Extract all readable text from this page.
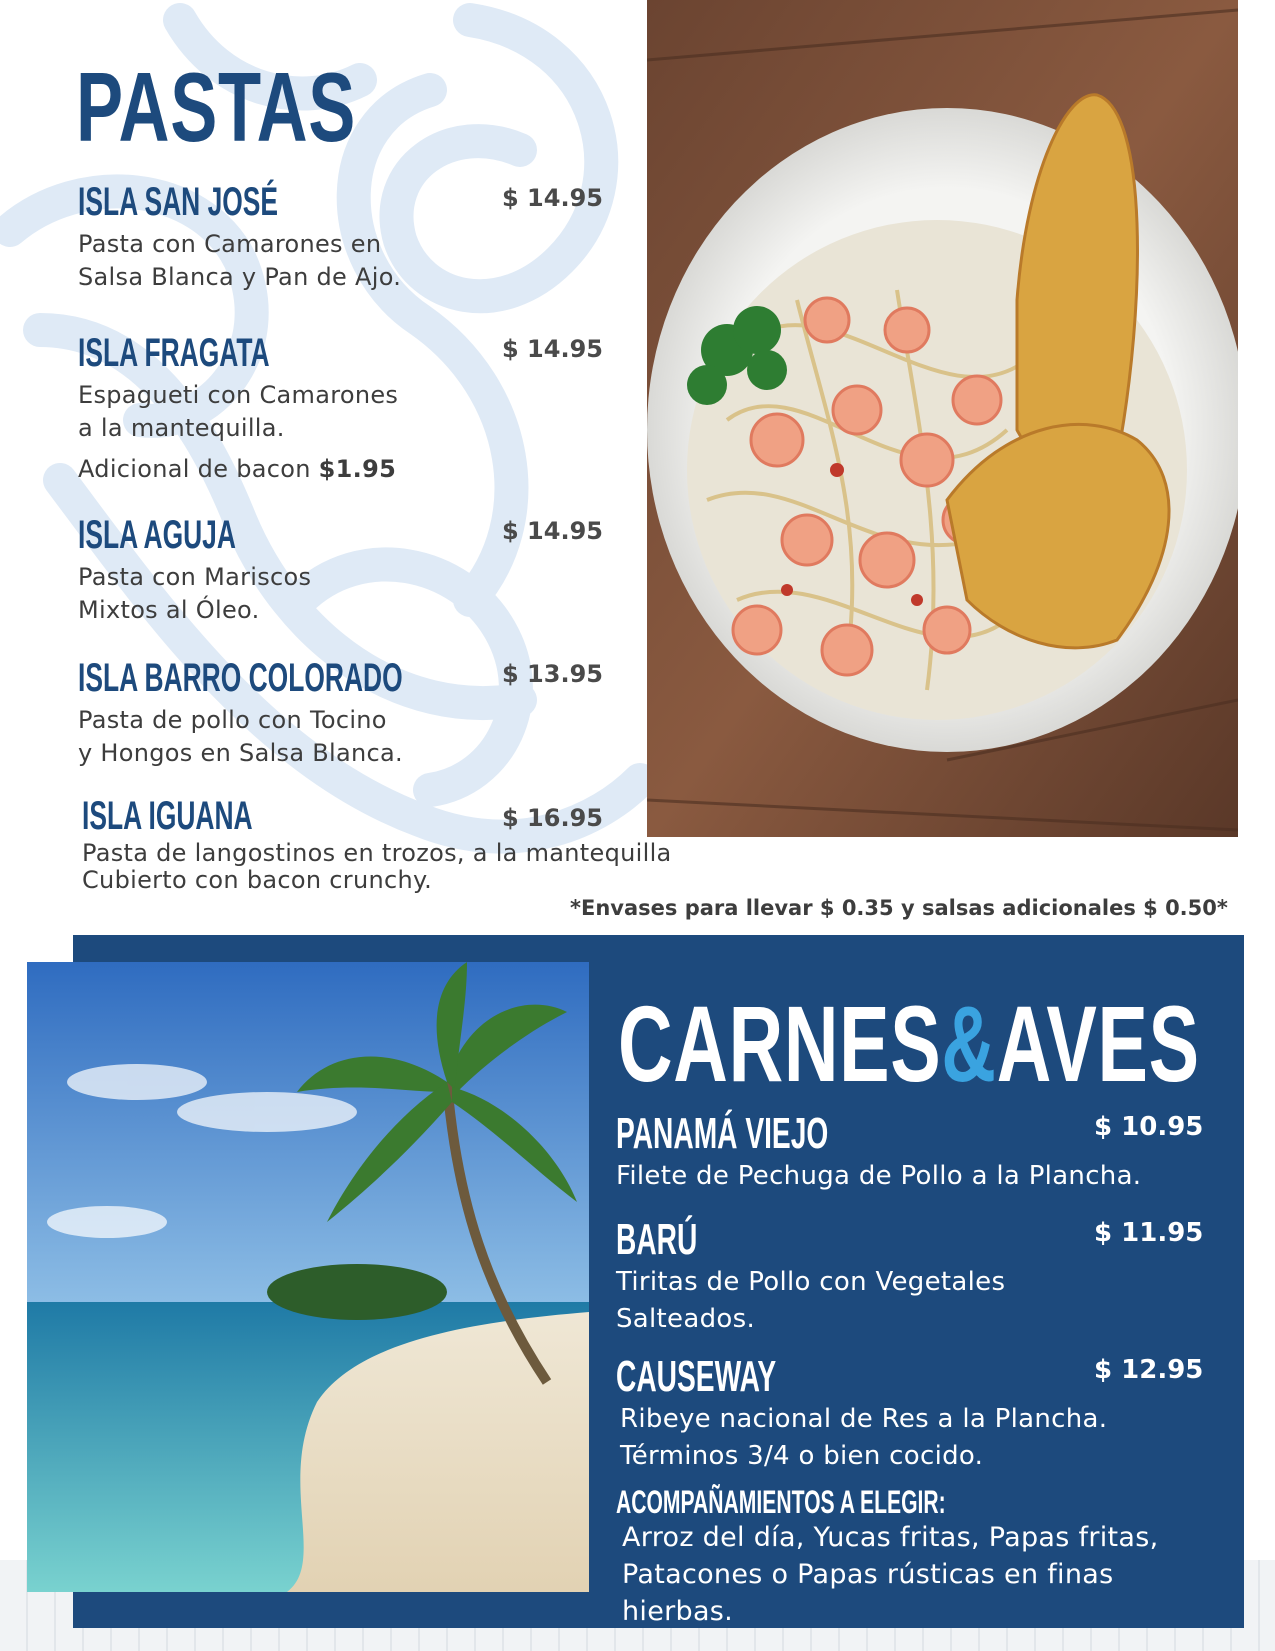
PASTAS
ISLA SAN JOSÉ	$ 14.95
Pasta con Camarones en
Salsa Blanca y Pan de Ajo.
ISLA FRAGATA	$ 14.95
Espagueti con Camarones
a la mantequilla.
Adicional de bacon $1.95
ISLA AGUJA	$ 14.95
Pasta con Mariscos
Mixtos al Óleo.
ISLA BARRO COLORADO	$ 13.95
Pasta de pollo con Tocino
y Hongos en Salsa Blanca.
ISLA IGUANA	$ 16.95
Pasta de langostinos en trozos, a la mantequilla
Cubierto con bacon crunchy.
*Envases para llevar $ 0.35 y salsas adicionales $ 0.50*
CARNES&AVES
PANAMÁ VIEJO	$ 10.95
Filete de Pechuga de Pollo a la Plancha.
BARÚ	$ 11.95
Tiritas de Pollo con Vegetales
Salteados.
CAUSEWAY	$ 12.95
Ribeye nacional de Res a la Plancha.
Términos 3/4 o bien cocido.
ACOMPAÑAMIENTOS A ELEGIR:
Arroz del día, Yucas fritas, Papas fritas,
Patacones o Papas rústicas en finas
hierbas.
